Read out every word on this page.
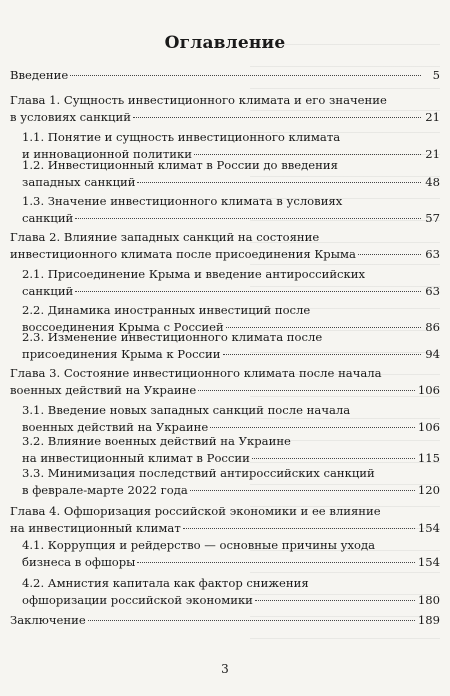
Оглавление
Введение	5
Глава 1. Сущность инвестиционного климата и его значение
в условиях санкций	21
1.1. Понятие и сущность инвестиционного климата
и инновационной политики	21
1.2. Инвестиционный климат в России до введения
западных санкций	48
1.3. Значение инвестиционного климата в условиях
санкций	57
Глава 2. Влияние западных санкций на состояние
инвестиционного климата после присоединения Крыма	63
2.1. Присоединение Крыма и введение антироссийских
санкций	63
2.2. Динамика иностранных инвестиций после
воссоединения Крыма с Россией	86
2.3. Изменение инвестиционного климата после
присоединения Крыма к России	94
Глава 3. Состояние инвестиционного климата после начала
военных действий на Украине	106
3.1. Введение новых западных санкций после начала
военных действий на Украине	106
3.2. Влияние военных действий на Украине
на инвестиционный климат в России	115
3.3. Минимизация последствий антироссийских санкций
в феврале-марте 2022 года	120
Глава 4. Офшоризация российской экономики и ее влияние
на инвестиционный климат	154
4.1. Коррупция и рейдерство — основные причины ухода
бизнеса в офшоры	154
4.2. Амнистия капитала как фактор снижения
офшоризации российской экономики	180
Заключение	189
3
